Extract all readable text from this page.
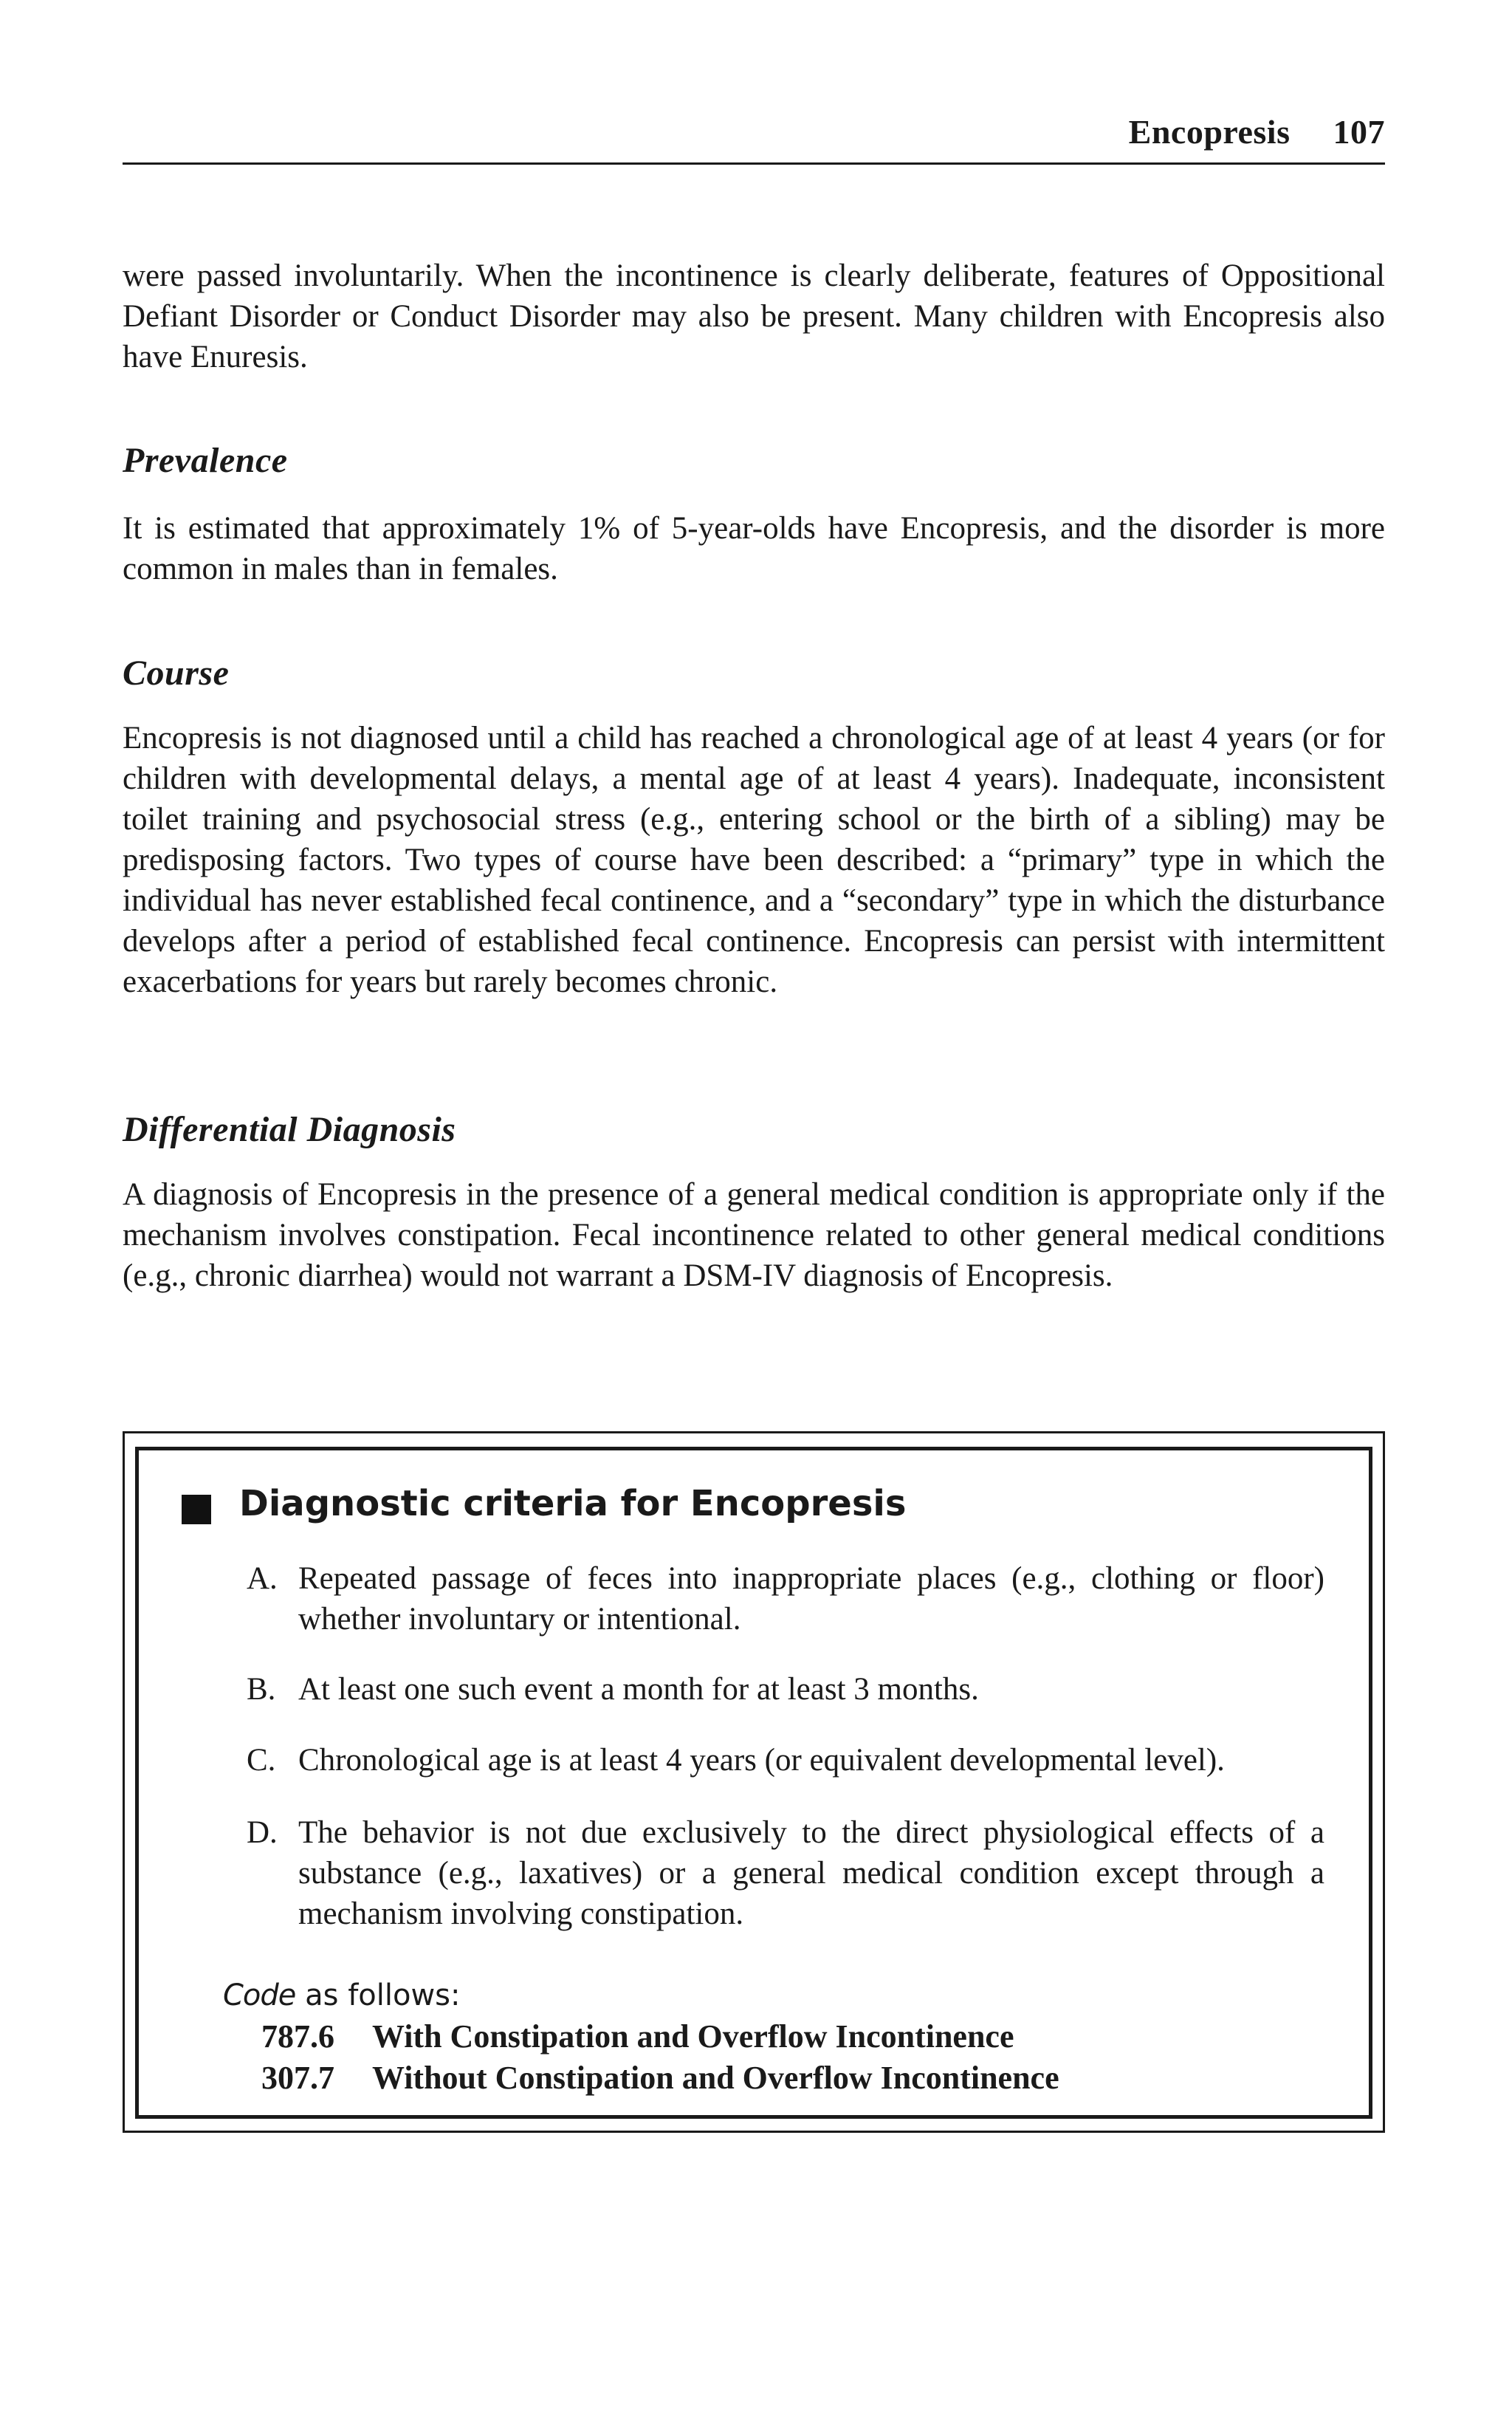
Encopresis 107

were passed involuntarily. When the incontinence is clearly deliberate, features of Oppositional Defiant Disorder or Conduct Disorder may also be present. Many children with Encopresis also have Enuresis.

Prevalence

It is estimated that approximately 1% of 5-year-olds have Encopresis, and the disorder is more common in males than in females.

Course

Encopresis is not diagnosed until a child has reached a chronological age of at least 4 years (or for children with developmental delays, a mental age of at least 4 years). Inadequate, inconsistent toilet training and psychosocial stress (e.g., entering school or the birth of a sibling) may be predisposing factors. Two types of course have been described: a “primary” type in which the individual has never established fecal continence, and a “secondary” type in which the disturbance develops after a period of established fecal continence. Encopresis can persist with intermittent exacerbations for years but rarely becomes chronic.

Differential Diagnosis

A diagnosis of Encopresis in the presence of a general medical condition is appropriate only if the mechanism involves constipation. Fecal incontinence related to other general medical conditions (e.g., chronic diarrhea) would not warrant a DSM-IV diagnosis of Encopresis.

Diagnostic criteria for Encopresis
A. Repeated passage of feces into inappropriate places (e.g., clothing or floor) whether involuntary or intentional.

B. At least one such event a month for at least 3 months.

C. Chronological age is at least 4 years (or equivalent developmental level).

D. The behavior is not due exclusively to the direct physiological effects of a substance (e.g., laxatives) or a general medical condition except through a mechanism involving constipation.

Code as follows:

787.6 With Constipation and Overflow Incontinence

307.7 Without Constipation and Overflow Incontinence
